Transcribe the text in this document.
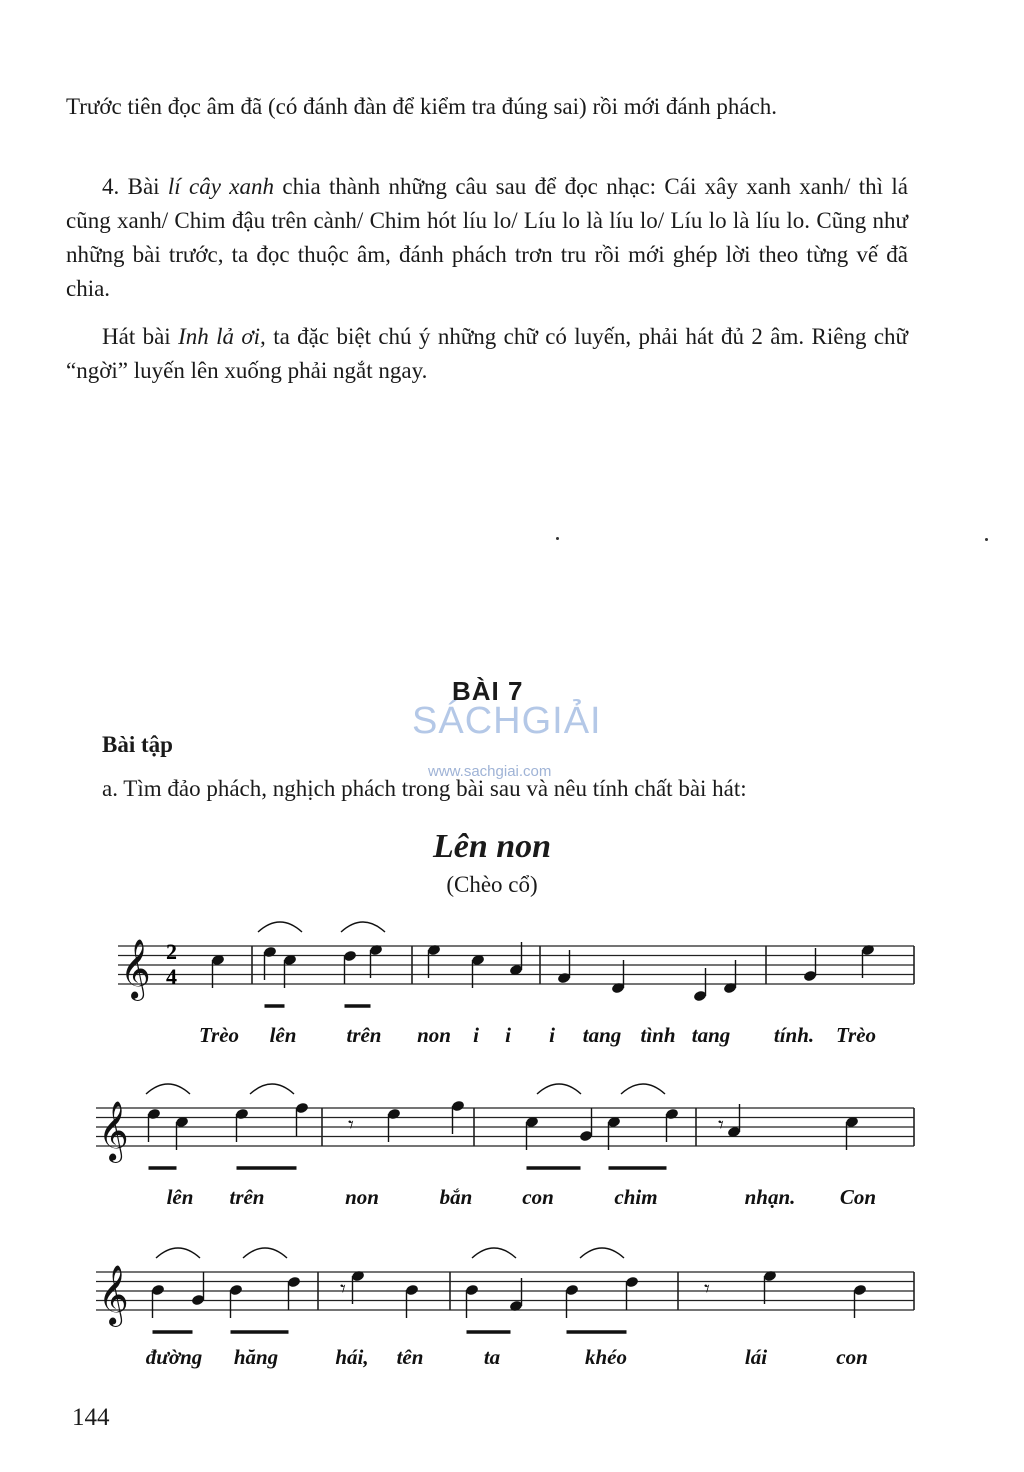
Trước tiên đọc âm đã (có đánh đàn để kiểm tra đúng sai) rồi mới đánh phách.

4. Bài lí cây xanh chia thành những câu sau để đọc nhạc: Cái xây xanh xanh/ thì lá cũng xanh/ Chim đậu trên cành/ Chim hót líu lo/ Líu lo là líu lo/ Líu lo là líu lo. Cũng như những bài trước, ta đọc thuộc âm, đánh phách trơn tru rồi mới ghép lời theo từng vế đã chia.

Hát bài Inh lả ơi, ta đặc biệt chú ý những chữ có luyến, phải hát đủ 2 âm. Riêng chữ “ngời” luyến lên xuống phải ngắt ngay.

SÁCHGIẢI
www.sachgiai.com
BÀI 7
Bài tập

a. Tìm đảo phách, nghịch phách trong bài sau và nêu tính chất bài hát:

Lên non

(Chèo cổ)

𝄞
𝄞
𝄞
𝄾	𝄾
𝄾	𝄾
Trèo lên trên non i i i tang tình tang tính. Trèo
lên trên	non	bắn con	chim	nhạn. Con
đường hăng	hái, tên	ta	khéo	lái	con
2
4

144
